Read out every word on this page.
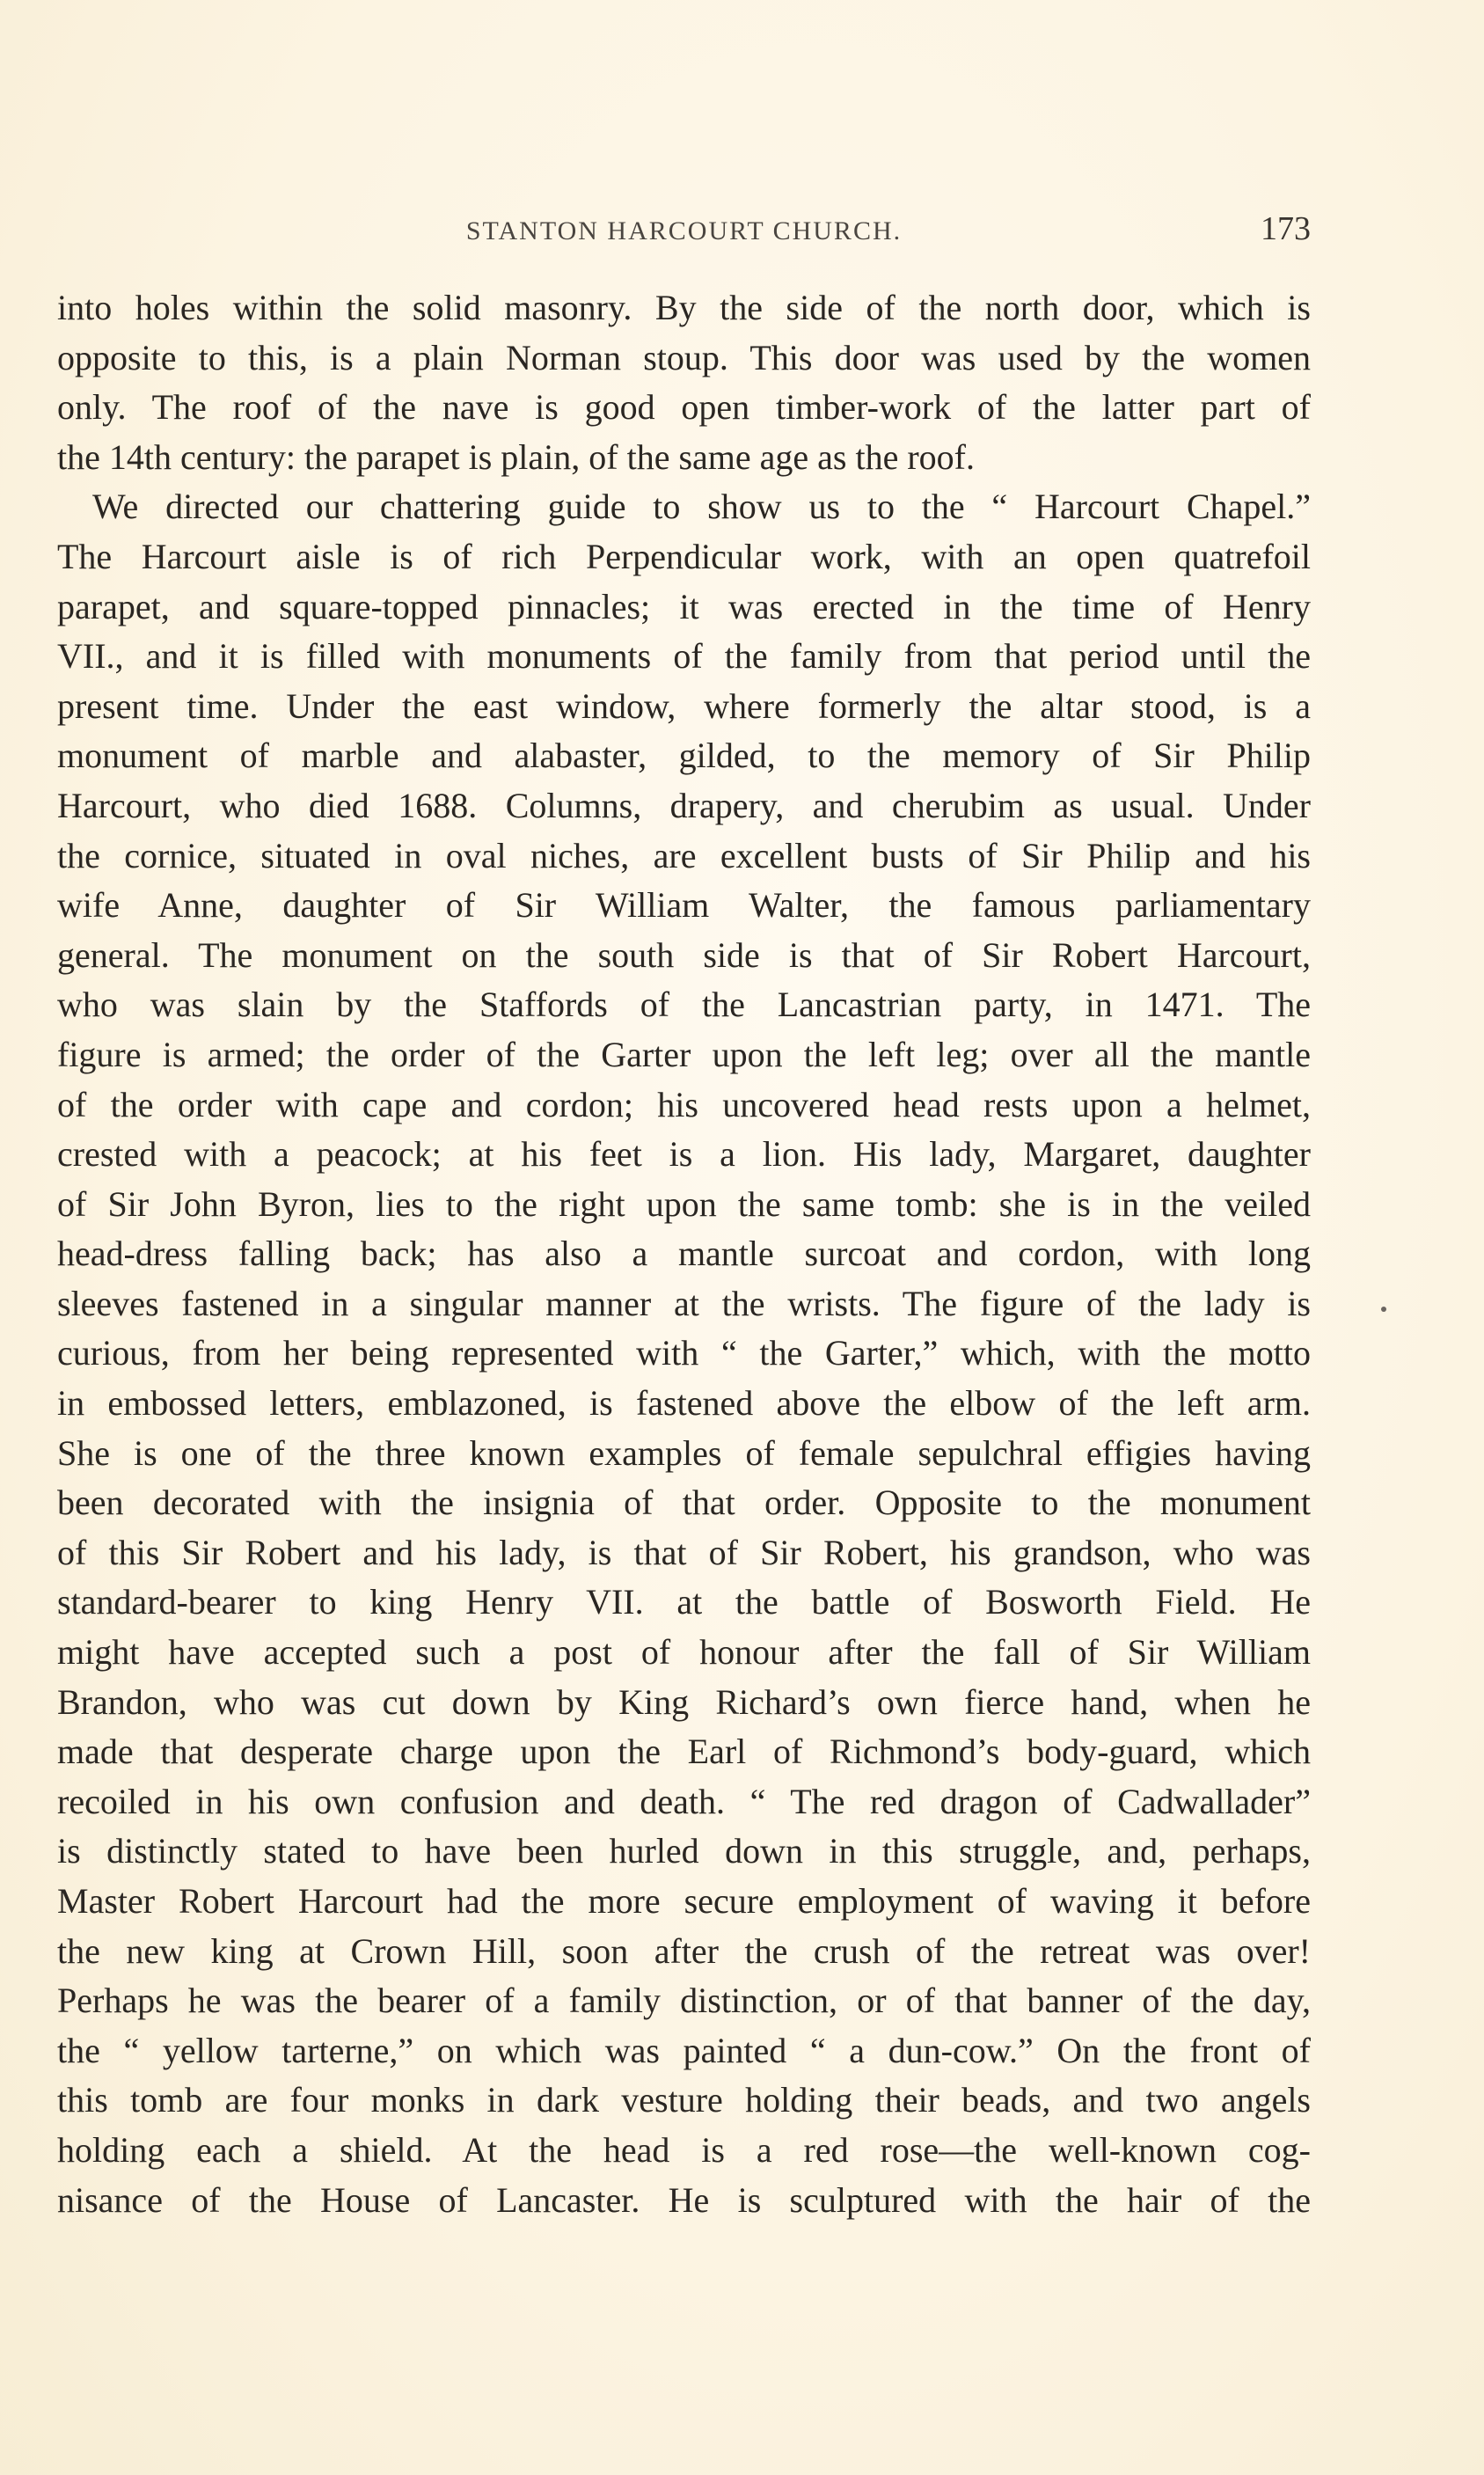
STANTON HARCOURT CHURCH.	173
into holes within the solid masonry. By the side of the north door, which is
opposite to this, is a plain Norman stoup. This door was used by the women
only. The roof of the nave is good open timber-work of the latter part of
the 14th century: the parapet is plain, of the same age as the roof.
We directed our chattering guide to show us to the “ Harcourt Chapel.”
The Harcourt aisle is of rich Perpendicular work, with an open quatrefoil
parapet, and square-topped pinnacles; it was erected in the time of Henry
VII., and it is filled with monuments of the family from that period until the
present time. Under the east window, where formerly the altar stood, is a
monument of marble and alabaster, gilded, to the memory of Sir Philip
Harcourt, who died 1688. Columns, drapery, and cherubim as usual. Under
the cornice, situated in oval niches, are excellent busts of Sir Philip and his
wife Anne, daughter of Sir William Walter, the famous parliamentary
general. The monument on the south side is that of Sir Robert Harcourt,
who was slain by the Staffords of the Lancastrian party, in 1471. The
figure is armed; the order of the Garter upon the left leg; over all the mantle
of the order with cape and cordon; his uncovered head rests upon a helmet,
crested with a peacock; at his feet is a lion. His lady, Margaret, daughter
of Sir John Byron, lies to the right upon the same tomb: she is in the veiled
head-dress falling back; has also a mantle surcoat and cordon, with long
sleeves fastened in a singular manner at the wrists. The figure of the lady is
curious, from her being represented with “ the Garter,” which, with the motto
in embossed letters, emblazoned, is fastened above the elbow of the left arm.
She is one of the three known examples of female sepulchral effigies having
been decorated with the insignia of that order. Opposite to the monument
of this Sir Robert and his lady, is that of Sir Robert, his grandson, who was
standard-bearer to king Henry VII. at the battle of Bosworth Field. He
might have accepted such a post of honour after the fall of Sir William
Brandon, who was cut down by King Richard’s own fierce hand, when he
made that desperate charge upon the Earl of Richmond’s body-guard, which
recoiled in his own confusion and death. “ The red dragon of Cadwallader”
is distinctly stated to have been hurled down in this struggle, and, perhaps,
Master Robert Harcourt had the more secure employment of waving it before
the new king at Crown Hill, soon after the crush of the retreat was over!
Perhaps he was the bearer of a family distinction, or of that banner of the day,
the “ yellow tarterne,” on which was painted “ a dun-cow.” On the front of
this tomb are four monks in dark vesture holding their beads, and two angels
holding each a shield. At the head is a red rose—the well-known cog-
nisance of the House of Lancaster. He is sculptured with the hair of the
